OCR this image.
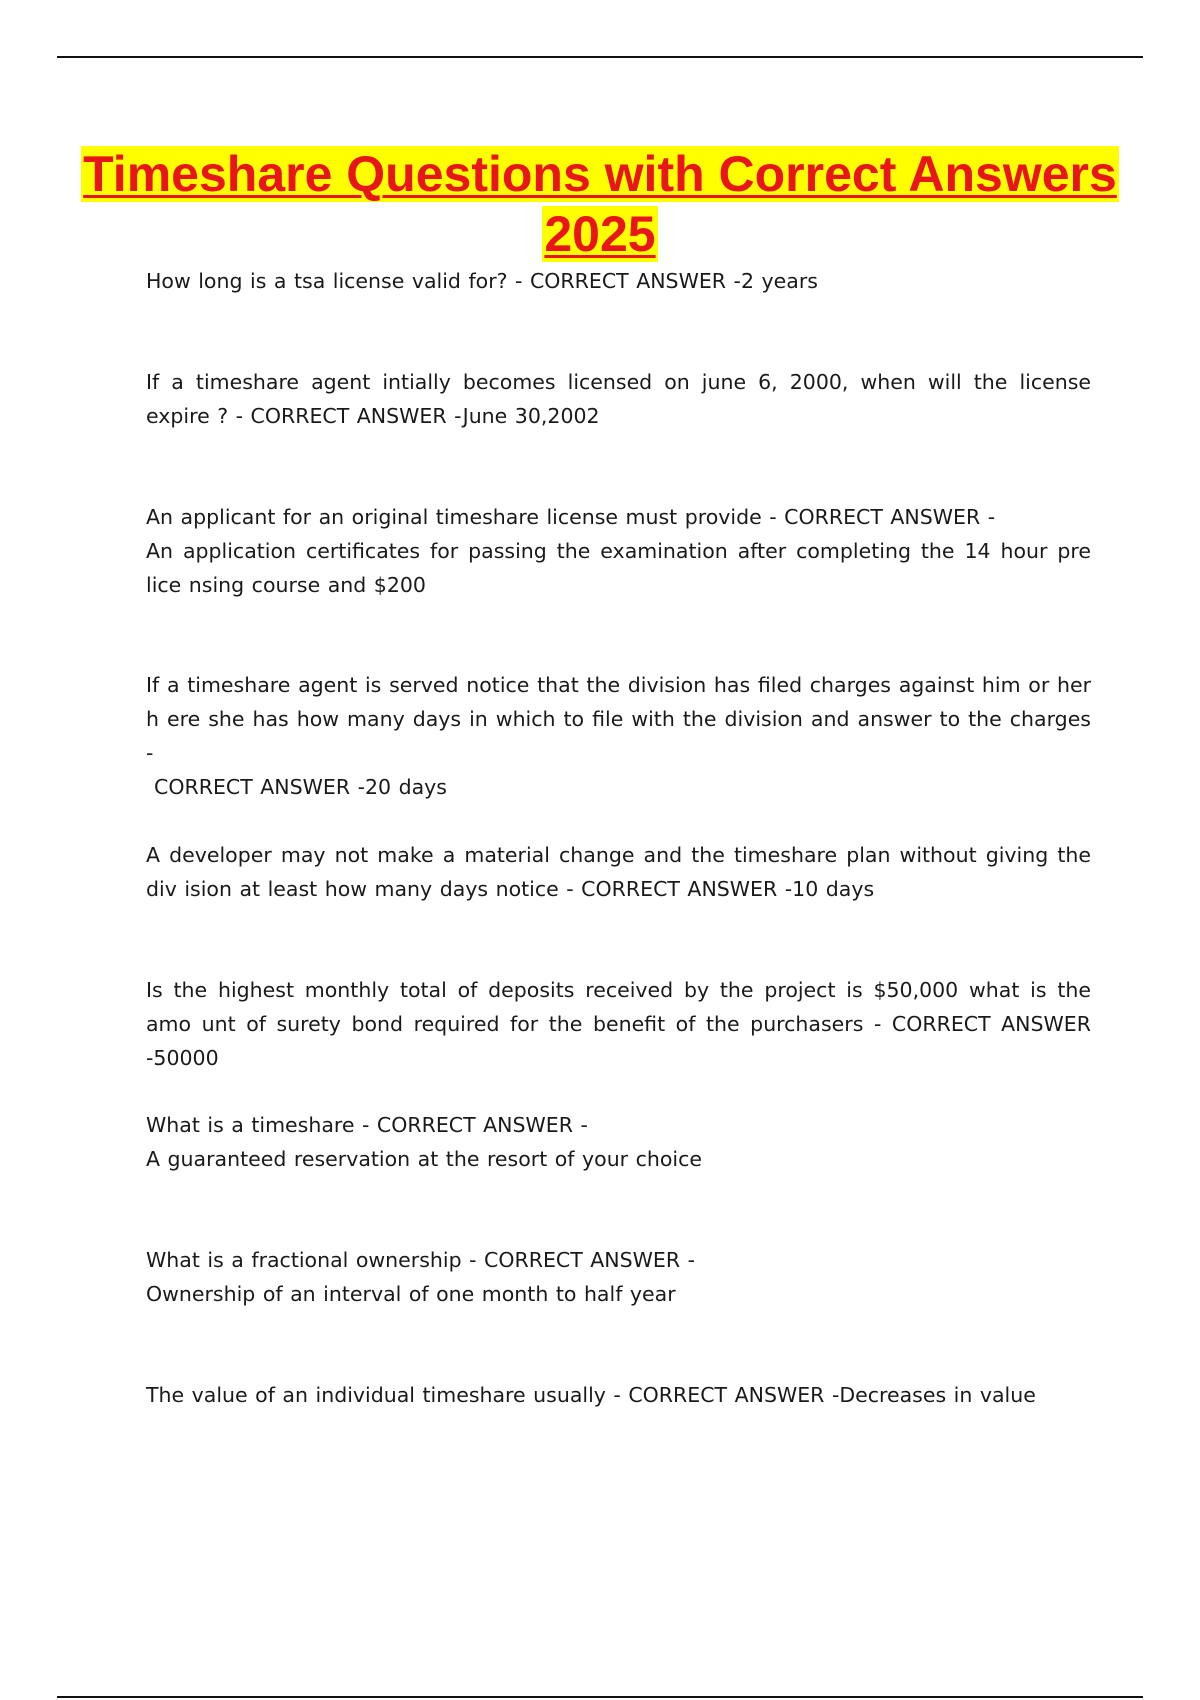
Timeshare Questions with Correct Answers 2025

How long is a tsa license valid for? - CORRECT ANSWER -2 years

If a timeshare agent intially becomes licensed on june 6, 2000, when will the license expire ? - CORRECT ANSWER -June 30,2002

An applicant for an original timeshare license must provide - CORRECT ANSWER -
An application certificates for passing the examination after completing the 14 hour pre lice nsing course and $200

If a timeshare agent is served notice that the division has filed charges against him or her h ere she has how many days in which to file with the division and answer to the charges -
CORRECT ANSWER -20 days

A developer may not make a material change and the timeshare plan without giving the div ision at least how many days notice - CORRECT ANSWER -10 days

Is the highest monthly total of deposits received by the project is $50,000 what is the amo unt of surety bond required for the benefit of the purchasers - CORRECT ANSWER -50000

What is a timeshare - CORRECT ANSWER -
A guaranteed reservation at the resort of your choice

What is a fractional ownership - CORRECT ANSWER -
Ownership of an interval of one month to half year

The value of an individual timeshare usually - CORRECT ANSWER -Decreases in value
